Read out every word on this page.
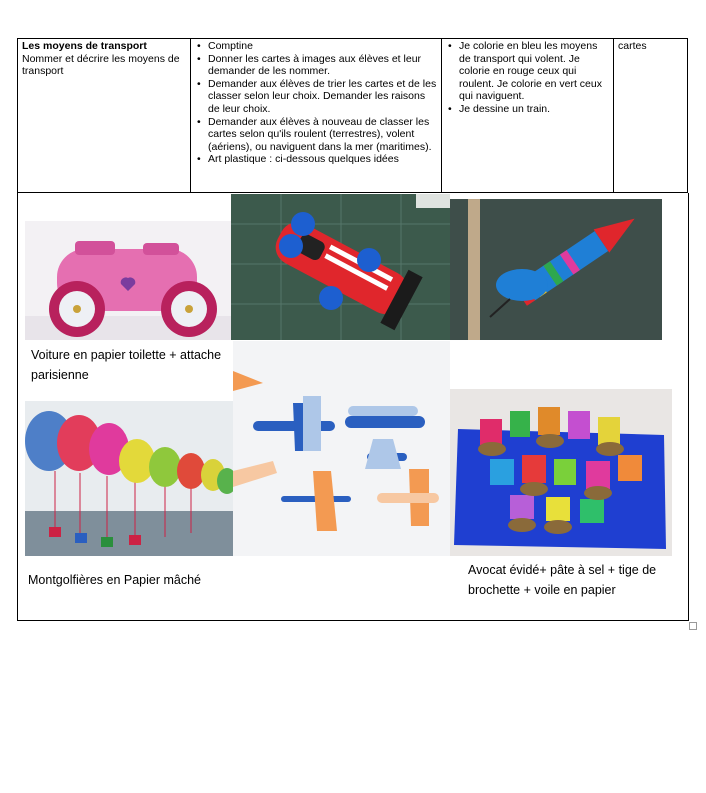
Les moyens de transport
Nommer et décrire les moyens de transport
• Comptine
• Donner les cartes à images aux élèves et leur demander de les nommer.
• Demander aux élèves de trier les cartes et de les classer selon leur choix. Demander les raisons de leur choix.
• Demander aux élèves à nouveau de classer les cartes selon qu'ils roulent (terrestres), volent (aériens), ou naviguent dans la mer (maritimes).
• Art plastique : ci-dessous quelques idées
• Je colorie en bleu les moyens de transport qui volent. Je colorie en rouge ceux qui roulent. Je colorie en vert ceux qui naviguent.
• Je dessine un train.
cartes
Voiture en papier toilette + attache parisienne
Montgolfières en Papier mâché
Avocat évidé+ pâte à sel + tige de brochette + voile en papier
